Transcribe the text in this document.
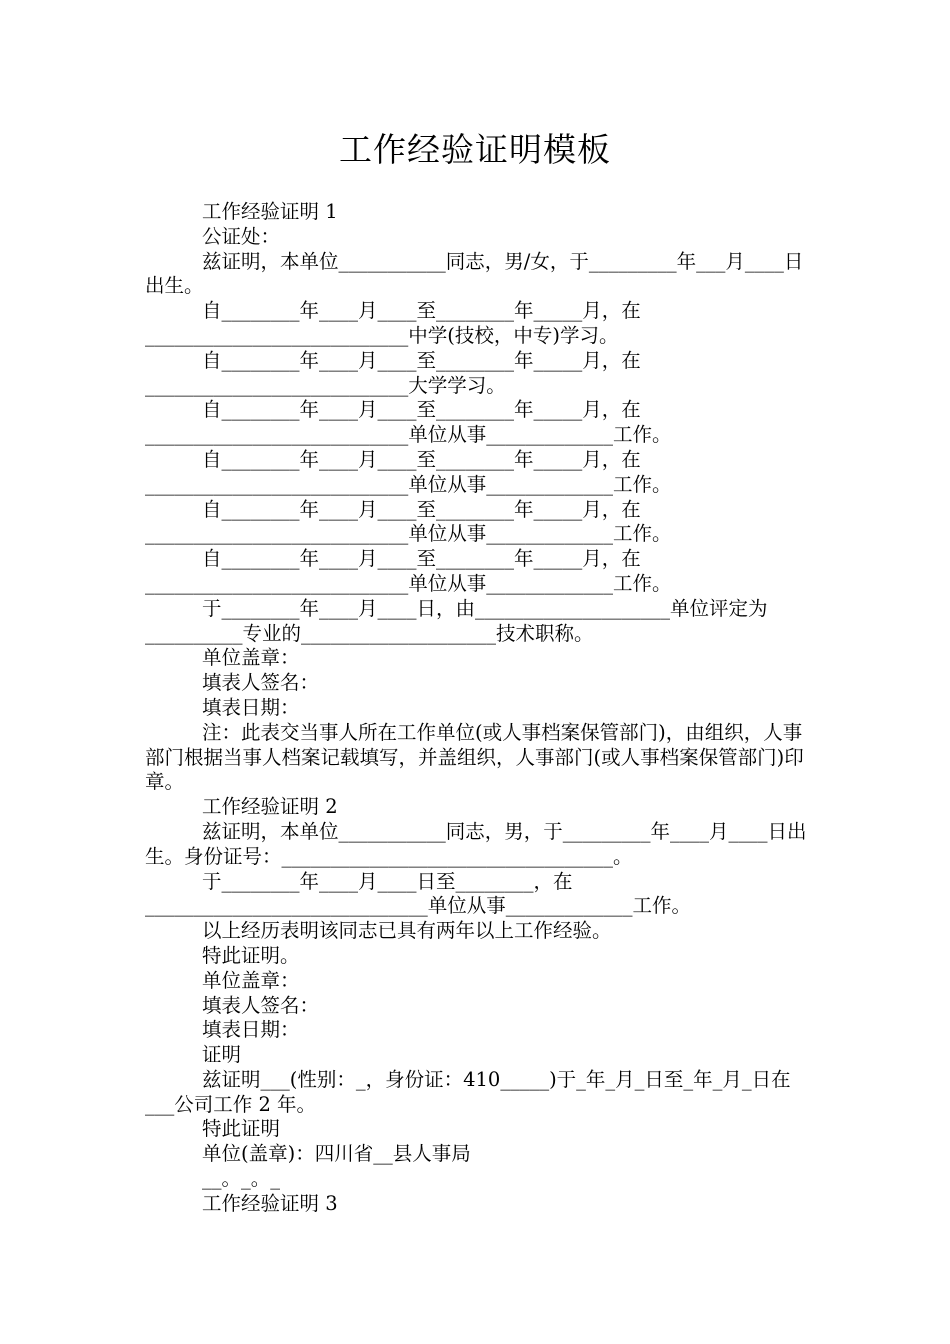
工作经验证明模板

工作经验证明 1

公证处：

兹证明，本单位___________同志，男/女，于_________年___月____日出生。

自________年____月____至________年_____月，在___________________________中学(技校，中专)学习。

自________年____月____至________年_____月，在___________________________大学学习。

自________年____月____至________年_____月，在___________________________单位从事_____________工作。

自________年____月____至________年_____月，在___________________________单位从事_____________工作。

自________年____月____至________年_____月，在___________________________单位从事_____________工作。

自________年____月____至________年_____月，在___________________________单位从事_____________工作。

于________年____月____日，由____________________单位评定为__________专业的____________________技术职称。

单位盖章：

填表人签名：

填表日期：

注：此表交当事人所在工作单位(或人事档案保管部门)，由组织，人事部门根据当事人档案记载填写，并盖组织，人事部门(或人事档案保管部门)印章。

工作经验证明 2

兹证明，本单位___________同志，男，于_________年____月____日出生。身份证号：__________________________________。

于________年____月____日至________，在_____________________________单位从事_____________工作。

以上经历表明该同志已具有两年以上工作经验。

特此证明。

单位盖章：

填表人签名：

填表日期：

证明

兹证明___(性别：_，身份证：410_____)于_年_月_日至_年_月_日在___公司工作 2 年。

特此证明

单位(盖章)：四川省__县人事局

__。_。_

工作经验证明 3
